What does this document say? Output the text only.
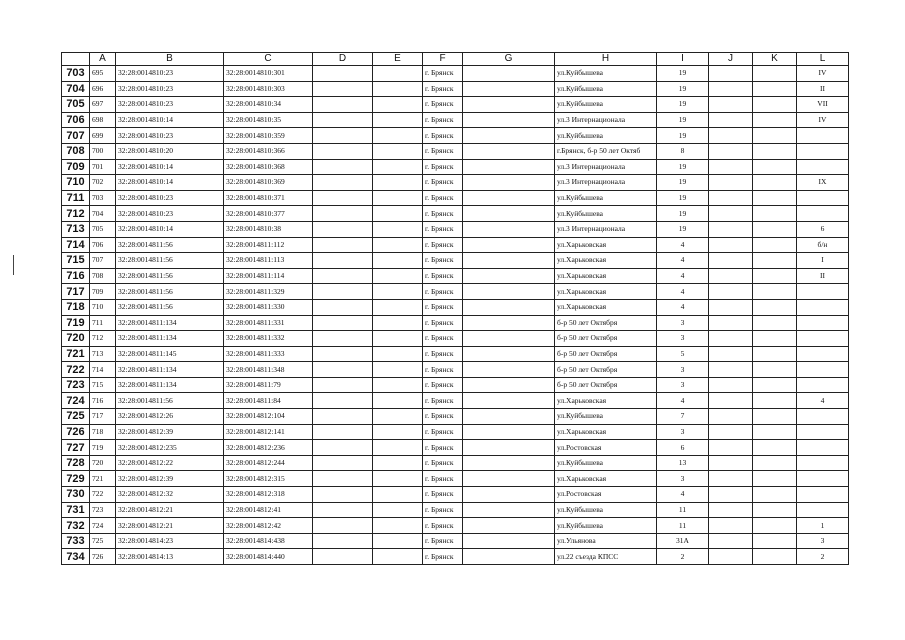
	A	B	C	D	E	F	G	H	I	J	K	L
703	695	32:28:0014810:23	32:28:0014810:301			г. Брянск		ул.Куйбышева	19			IV
704	696	32:28:0014810:23	32:28:0014810:303			г. Брянск		ул.Куйбышева	19			II
705	697	32:28:0014810:23	32:28:0014810:34			г. Брянск		ул.Куйбышева	19			VII
706	698	32:28:0014810:14	32:28:0014810:35			г. Брянск		ул.3 Интернационала	19			IV
707	699	32:28:0014810:23	32:28:0014810:359			г. Брянск		ул.Куйбышева	19			
708	700	32:28:0014810:20	32:28:0014810:366			г. Брянск		г.Брянск, б-р 50 лет Октяб	8			
709	701	32:28:0014810:14	32:28:0014810:368			г. Брянск		ул.3 Интернационала	19			
710	702	32:28:0014810:14	32:28:0014810:369			г. Брянск		ул.3 Интернационала	19			IX
711	703	32:28:0014810:23	32:28:0014810:371			г. Брянск		ул.Куйбышева	19			
712	704	32:28:0014810:23	32:28:0014810:377			г. Брянск		ул.Куйбышева	19			
713	705	32:28:0014810:14	32:28:0014810:38			г. Брянск		ул.3 Интернационала	19			6
714	706	32:28:0014811:56	32:28:0014811:112			г. Брянск		ул.Харьковская	4			б/н
715	707	32:28:0014811:56	32:28:0014811:113			г. Брянск		ул.Харьковская	4			I
716	708	32:28:0014811:56	32:28:0014811:114			г. Брянск		ул.Харьковская	4			II
717	709	32:28:0014811:56	32:28:0014811:329			г. Брянск		ул.Харьковская	4			
718	710	32:28:0014811:56	32:28:0014811:330			г. Брянск		ул.Харьковская	4			
719	711	32:28:0014811:134	32:28:0014811:331			г. Брянск		б-р 50 лет Октября	3			
720	712	32:28:0014811:134	32:28:0014811:332			г. Брянск		б-р 50 лет Октября	3			
721	713	32:28:0014811:145	32:28:0014811:333			г. Брянск		б-р 50 лет Октября	5			
722	714	32:28:0014811:134	32:28:0014811:348			г. Брянск		б-р 50 лет Октября	3			
723	715	32:28:0014811:134	32:28:0014811:79			г. Брянск		б-р 50 лет Октября	3			
724	716	32:28:0014811:56	32:28:0014811:84			г. Брянск		ул.Харьковская	4			4
725	717	32:28:0014812:26	32:28:0014812:104			г. Брянск		ул.Куйбышева	7			
726	718	32:28:0014812:39	32:28:0014812:141			г. Брянск		ул.Харьковская	3			
727	719	32:28:0014812:235	32:28:0014812:236			г. Брянск		ул.Ростовская	6			
728	720	32:28:0014812:22	32:28:0014812:244			г. Брянск		ул.Куйбышева	13			
729	721	32:28:0014812:39	32:28:0014812:315			г. Брянск		ул.Харьковская	3			
730	722	32:28:0014812:32	32:28:0014812:318			г. Брянск		ул.Ростовская	4			
731	723	32:28:0014812:21	32:28:0014812:41			г. Брянск		ул.Куйбышева	11			
732	724	32:28:0014812:21	32:28:0014812:42			г. Брянск		ул.Куйбышева	11			1
733	725	32:28:0014814:23	32:28:0014814:438			г. Брянск		ул.Ульянова	31А			3
734	726	32:28:0014814:13	32:28:0014814:440			г. Брянск		ул.22 съезда КПСС	2			2
